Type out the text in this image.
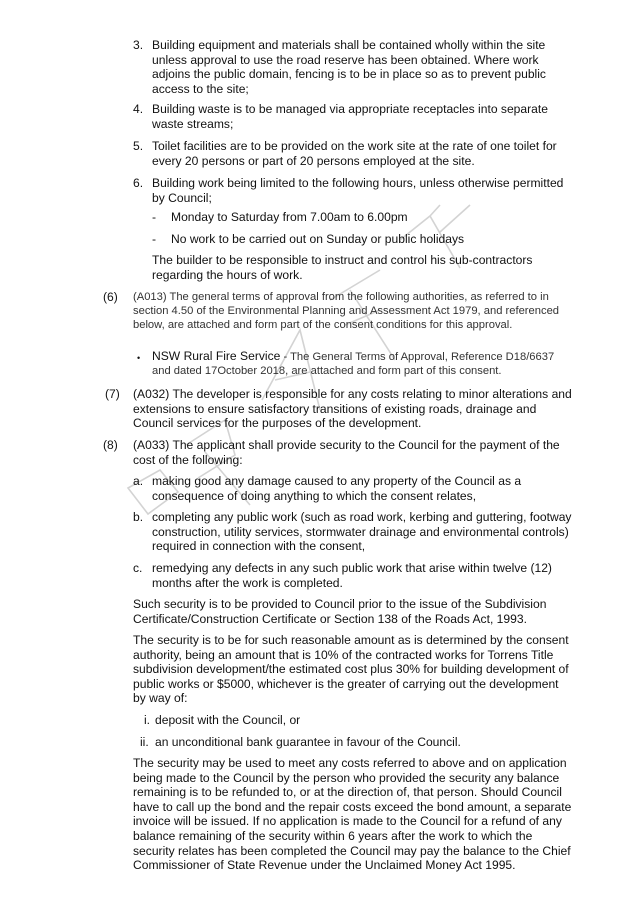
3. Building equipment and materials shall be contained wholly within the site unless approval to use the road reserve has been obtained. Where work adjoins the public domain, fencing is to be in place so as to prevent public access to the site;

4. Building waste is to be managed via appropriate receptacles into separate waste streams;

5. Toilet facilities are to be provided on the work site at the rate of one toilet for every 20 persons or part of 20 persons employed at the site.

6. Building work being limited to the following hours, unless otherwise permitted by Council;

- Monday to Saturday from 7.00am to 6.00pm

- No work to be carried out on Sunday or public holidays

The builder to be responsible to instruct and control his sub-contractors regarding the hours of work.

(6) (A013) The general terms of approval from the following authorities, as referred to in section 4.50 of the Environmental Planning and Assessment Act 1979, and referenced below, are attached and form part of the consent conditions for this approval.

• NSW Rural Fire Service - The General Terms of Approval, Reference D18/6637 and dated 17October 2018, are attached and form part of this consent.

(7) (A032) The developer is responsible for any costs relating to minor alterations and extensions to ensure satisfactory transitions of existing roads, drainage and Council services for the purposes of the development.

(8) (A033) The applicant shall provide security to the Council for the payment of the cost of the following:

a. making good any damage caused to any property of the Council as a consequence of doing anything to which the consent relates,

b. completing any public work (such as road work, kerbing and guttering, footway construction, utility services, stormwater drainage and environmental controls) required in connection with the consent,

c. remedying any defects in any such public work that arise within twelve (12) months after the work is completed.

Such security is to be provided to Council prior to the issue of the Subdivision Certificate/Construction Certificate or Section 138 of the Roads Act, 1993.

The security is to be for such reasonable amount as is determined by the consent authority, being an amount that is 10% of the contracted works for Torrens Title subdivision development/the estimated cost plus 30% for building development of public works or $5000, whichever is the greater of carrying out the development by way of:

i. deposit with the Council, or

ii. an unconditional bank guarantee in favour of the Council.

The security may be used to meet any costs referred to above and on application being made to the Council by the person who provided the security any balance remaining is to be refunded to, or at the direction of, that person. Should Council have to call up the bond and the repair costs exceed the bond amount, a separate invoice will be issued. If no application is made to the Council for a refund of any balance remaining of the security within 6 years after the work to which the security relates has been completed the Council may pay the balance to the Chief Commissioner of State Revenue under the Unclaimed Money Act 1995.
